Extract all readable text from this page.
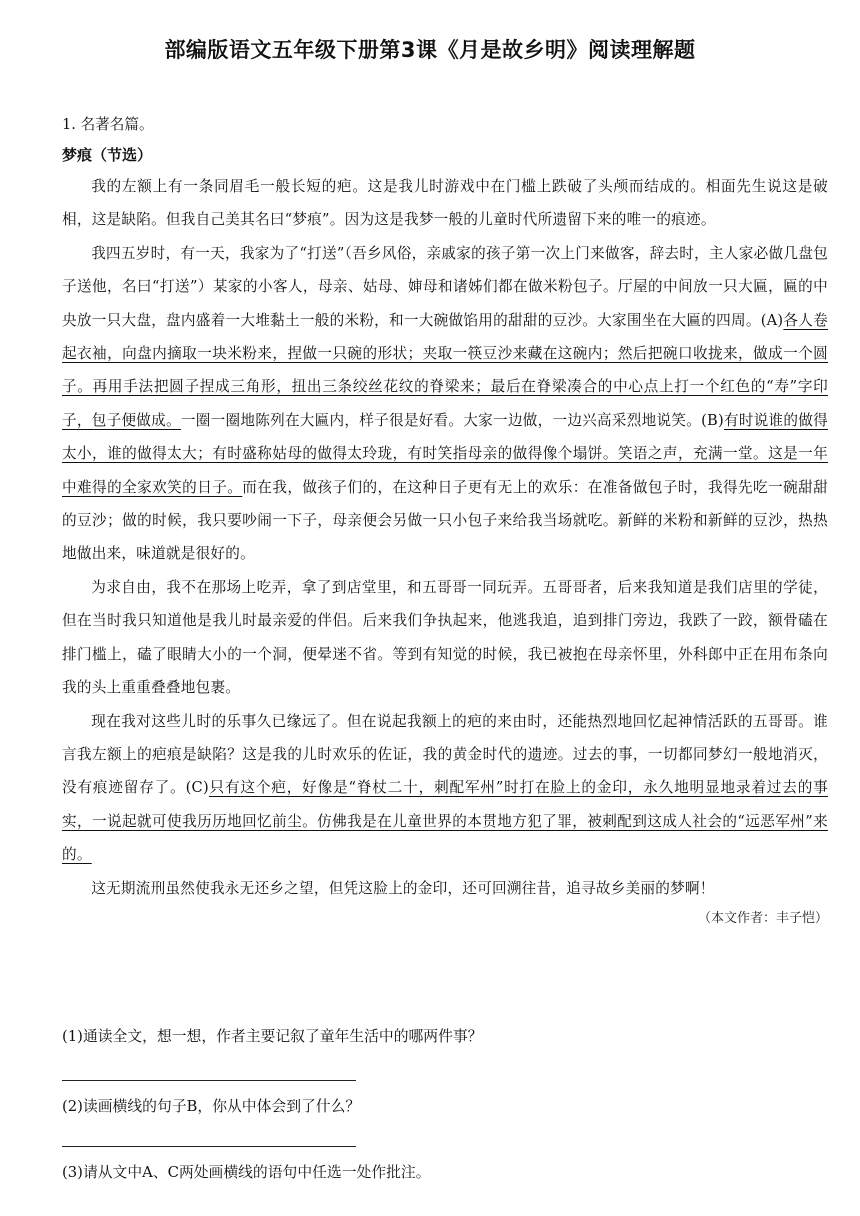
部编版语文五年级下册第3课《月是故乡明》阅读理解题

1. 名著名篇。

梦痕（节选）

我的左额上有一条同眉毛一般长短的疤。这是我儿时游戏中在门槛上跌破了头颅而结成的。相面先生说这是破相，这是缺陷。但我自己美其名曰“梦痕”。因为这是我梦一般的儿童时代所遗留下来的唯一的痕迹。

我四五岁时，有一天，我家为了“打送”（吾乡风俗，亲戚家的孩子第一次上门来做客，辞去时，主人家必做几盘包子送他，名曰“打送”）某家的小客人，母亲、姑母、婶母和诸姊们都在做米粉包子。厅屋的中间放一只大匾，匾的中央放一只大盘，盘内盛着一大堆黏土一般的米粉，和一大碗做馅用的甜甜的豆沙。大家围坐在大匾的四周。(A)各人卷起衣袖，向盘内摘取一块米粉来，捏做一只碗的形状；夹取一筷豆沙来藏在这碗内；然后把碗口收拢来，做成一个圆子。再用手法把圆子捏成三角形，扭出三条绞丝花纹的脊梁来；最后在脊梁凑合的中心点上打一个红色的“寿”字印子，包子便做成。一圈一圈地陈列在大匾内，样子很是好看。大家一边做，一边兴高采烈地说笑。(B)有时说谁的做得太小，谁的做得太大；有时盛称姑母的做得太玲珑，有时笑指母亲的做得像个塌饼。笑语之声，充满一堂。这是一年中难得的全家欢笑的日子。而在我，做孩子们的，在这种日子更有无上的欢乐：在准备做包子时，我得先吃一碗甜甜的豆沙；做的时候，我只要吵闹一下子，母亲便会另做一只小包子来给我当场就吃。新鲜的米粉和新鲜的豆沙，热热地做出来，味道就是很好的。

为求自由，我不在那场上吃弄，拿了到店堂里，和五哥哥一同玩弄。五哥哥者，后来我知道是我们店里的学徒，但在当时我只知道他是我儿时最亲爱的伴侣。后来我们争执起来，他逃我追，追到排门旁边，我跌了一跤，额骨磕在排门槛上，磕了眼睛大小的一个洞，便晕迷不省。等到有知觉的时候，我已被抱在母亲怀里，外科郎中正在用布条向我的头上重重叠叠地包裹。

现在我对这些儿时的乐事久已缘远了。但在说起我额上的疤的来由时，还能热烈地回忆起神情活跃的五哥哥。谁言我左额上的疤痕是缺陷？这是我的儿时欢乐的佐证，我的黄金时代的遗迹。过去的事，一切都同梦幻一般地消灭，没有痕迹留存了。(C)只有这个疤，好像是“脊杖二十，刺配军州”时打在脸上的金印，永久地明显地录着过去的事实，一说起就可使我历历地回忆前尘。仿佛我是在儿童世界的本贯地方犯了罪，被刺配到这成人社会的“远恶军州”来的。

这无期流刑虽然使我永无还乡之望，但凭这脸上的金印，还可回溯往昔，追寻故乡美丽的梦啊！

（本文作者：丰子恺）

(1)通读全文，想一想，作者主要记叙了童年生活中的哪两件事？

(2)读画横线的句子B，你从中体会到了什么？

(3)请从文中A、C两处画横线的语句中任选一处作批注。
